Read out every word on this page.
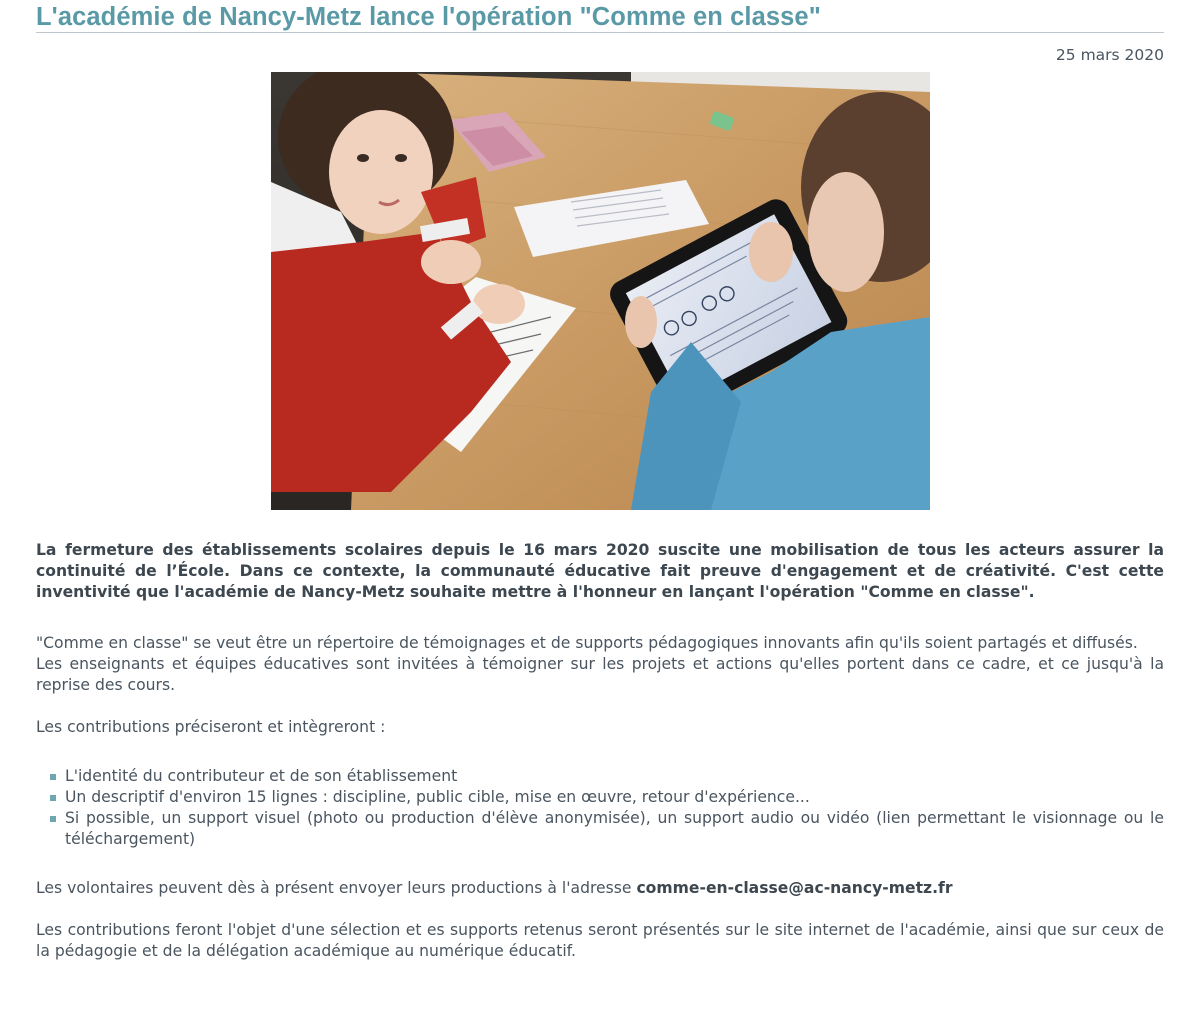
L'académie de Nancy-Metz lance l'opération "Comme en classe"
25 mars 2020

La fermeture des établissements scolaires depuis le 16 mars 2020 suscite une mobilisation de tous les acteurs assurer la continuité de l’École. Dans ce contexte, la communauté éducative fait preuve d'engagement et de créativité. C'est cette inventivité que l'académie de Nancy-Metz souhaite mettre à l'honneur en lançant l'opération "Comme en classe".

"Comme en classe" se veut être un répertoire de témoignages et de supports pédagogiques innovants afin qu'ils soient partagés et diffusés.

Les enseignants et équipes éducatives sont invitées à témoigner sur les projets et actions qu'elles portent dans ce cadre, et ce jusqu'à la reprise des cours.

Les contributions préciseront et intègreront :

L'identité du contributeur et de son établissement
Un descriptif d'environ 15 lignes : discipline, public cible, mise en œuvre, retour d'expérience...
Si possible, un support visuel (photo ou production d'élève anonymisée), un support audio ou vidéo (lien permettant le visionnage ou le téléchargement)

Les volontaires peuvent dès à présent envoyer leurs productions à l'adresse comme-en-classe@ac-nancy-metz.fr

Les contributions feront l'objet d'une sélection et es supports retenus seront présentés sur le site internet de l'académie, ainsi que sur ceux de la pédagogie et de la délégation académique au numérique éducatif.
